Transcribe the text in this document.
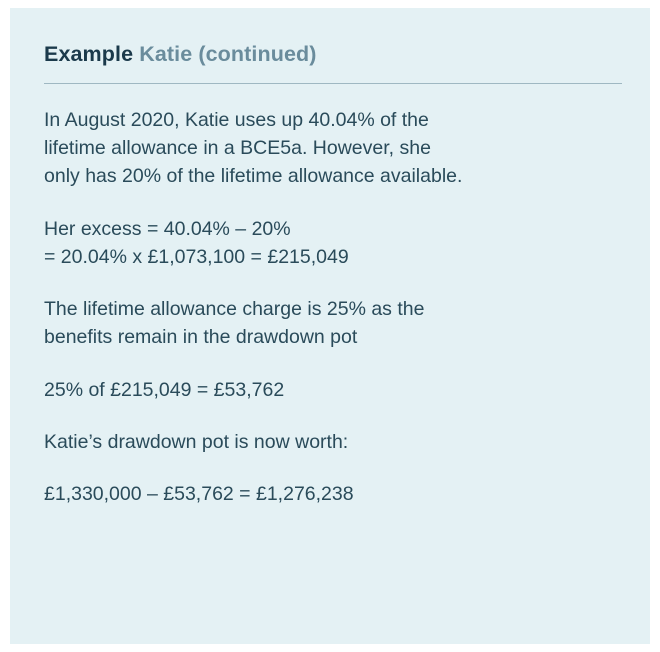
Example Katie (continued)

In August 2020, Katie uses up 40.04% of the
lifetime allowance in a BCE5a. However, she
only has 20% of the lifetime allowance available.

Her excess = 40.04% – 20%
= 20.04% x £1,073,100 = £215,049

The lifetime allowance charge is 25% as the
benefits remain in the drawdown pot

25% of £215,049 = £53,762

Katie’s drawdown pot is now worth:

£1,330,000 – £53,762 = £1,276,238
